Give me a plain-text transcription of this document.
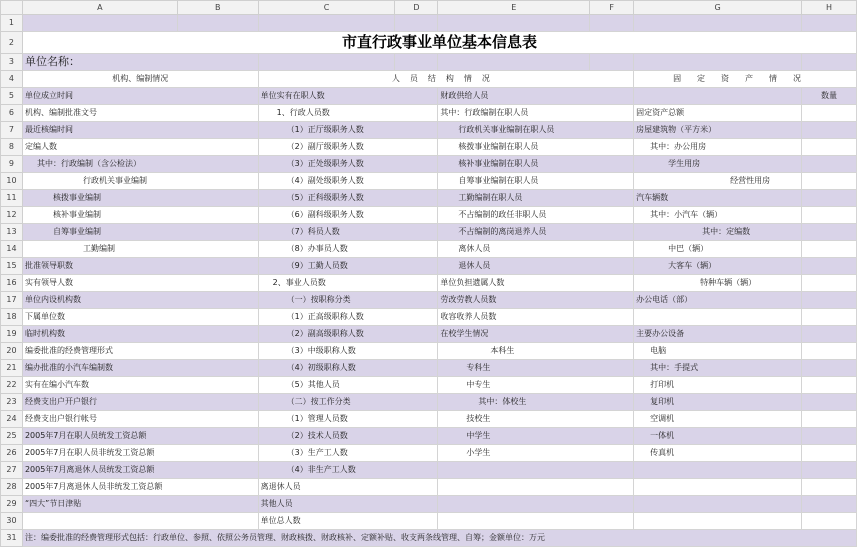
	A	B	C	D	E	F	G	H
1								
2	市直行政事业单位基本信息表							
3	单位名称：							
4	机构、编制情况		人员结构情况				固定资产情况	
5	单位成立时间		单位实有在职人数		财政供给人员			数量
6	机构、编制批准文号		1、行政人员数		其中：行政编制在职人员		固定资产总额	
7	最近核编时间		（1）正厅级职务人数		行政机关事业编制在职人员		房屋建筑物（平方米）	
8	定编人数		（2）副厅级职务人数		核拨事业编制在职人员		其中：办公用房	
9	其中：行政编制（含公检法）		（3）正处级职务人数		核补事业编制在职人员		学生用房	
10	行政机关事业编制		（4）副处级职务人数		自筹事业编制在职人员		经营性用房	
11	核拨事业编制		（5）正科级职务人数		工勤编制在职人员		汽车辆数	
12	核补事业编制		（6）副科级职务人数		不占编制的政任非职人员		其中：小汽车（辆）	
13	自筹事业编制		（7）科员人数		不占编制的离岗退养人员		其中：定编数	
14	工勤编制		（8）办事员人数		离休人员		中巴（辆）	
15	批准领导职数		（9）工勤人员数		退休人员		大客车（辆）	
16	实有领导人数		2、事业人员数		单位负担遗属人数		特种车辆（辆）	
17	单位内设机构数		（一）按职称分类		劳改劳教人员数		办公电话（部）	
18	下属单位数		（1）正高级职称人数		收容收养人员数			
19	临时机构数		（2）副高级职称人数		在校学生情况		主要办公设备	
20	编委批准的经费管理形式		（3）中级职称人数		本科生		电脑	
21	编办批准的小汽车编制数		（4）初级职称人数		专科生		其中：手提式	
22	实有在编小汽车数		（5）其他人员		中专生		打印机	
23	经费支出户开户银行		（二）按工作分类		其中：体校生		复印机	
24	经费支出户银行帐号		（1）管理人员数		技校生		空调机	
25	2005年7月在职人员统发工资总额		（2）技术人员数		中学生		一体机	
26	2005年7月在职人员非统发工资总额		（3）生产工人数		小学生		传真机	
27	2005年7月离退休人员统发工资总额		（4）非生产工人数					
28	2005年7月离退休人员非统发工资总额		离退休人员					
29	“四大”节日津贴		其他人员					
30			单位总人数					
31	注：编委批准的经费管理形式包括：行政单位、参照、依照公务员管理、财政核拨、财政核补、定额补贴、收支两条线管理、自筹；金额单位：万元							
